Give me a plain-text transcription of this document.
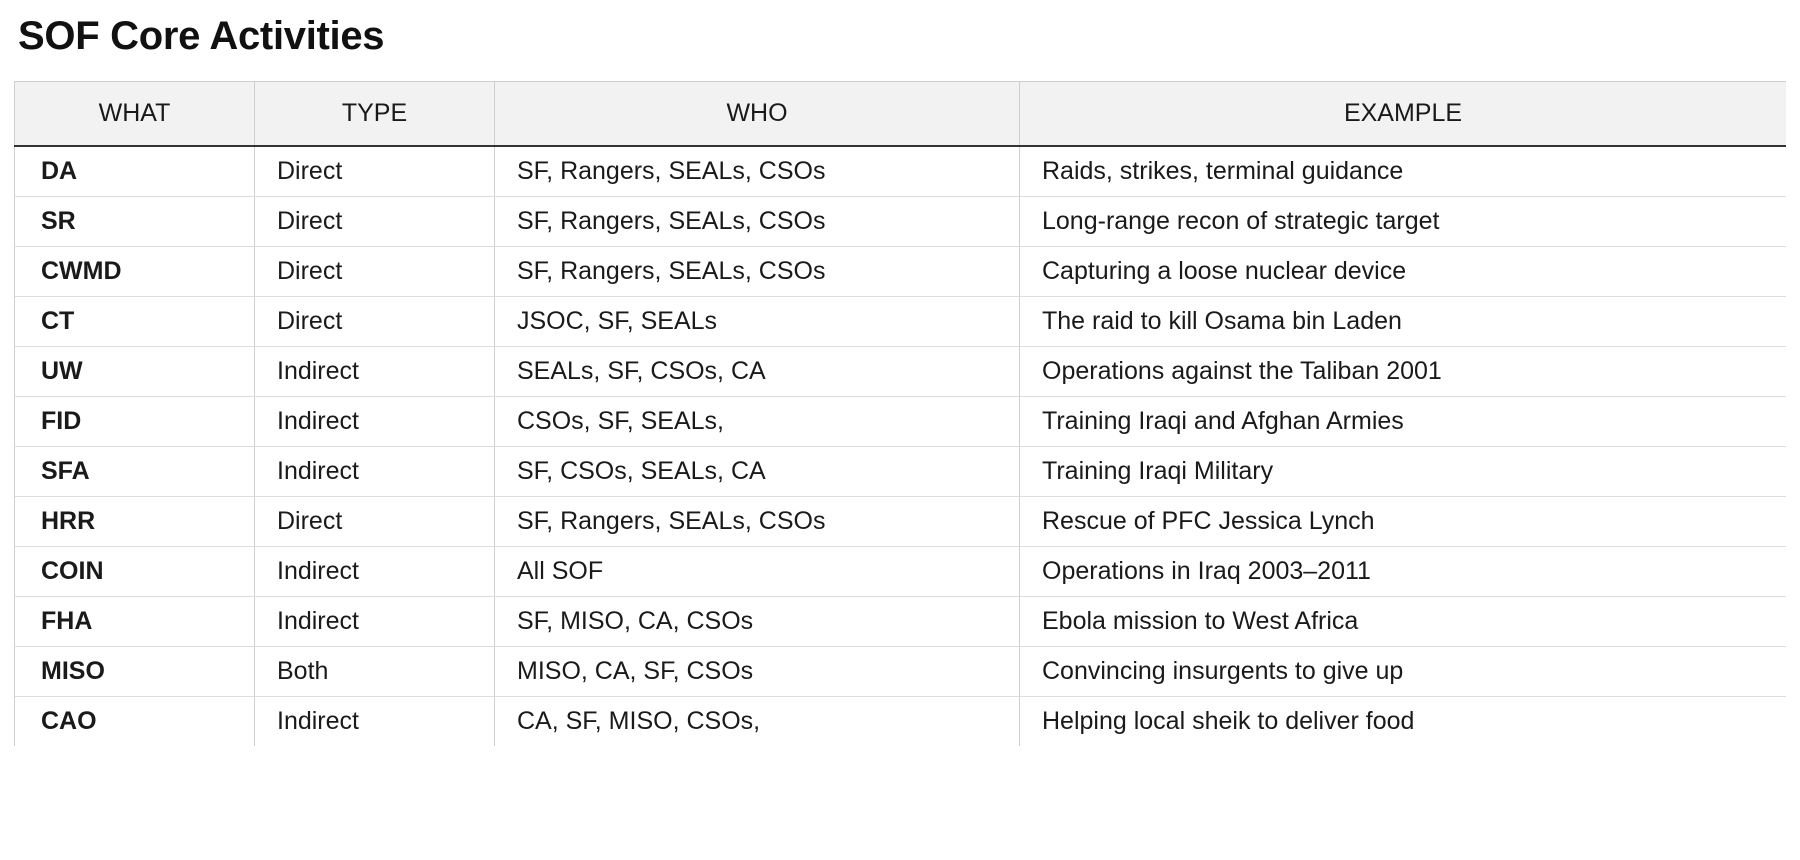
SOF Core Activities
WHAT	TYPE	WHO	EXAMPLE
DA	Direct	SF, Rangers, SEALs, CSOs	Raids, strikes, terminal guidance
SR	Direct	SF, Rangers, SEALs, CSOs	Long-range recon of strategic target
CWMD	Direct	SF, Rangers, SEALs, CSOs	Capturing a loose nuclear device
CT	Direct	JSOC, SF, SEALs	The raid to kill Osama bin Laden
UW	Indirect	SEALs, SF, CSOs, CA	Operations against the Taliban 2001
FID	Indirect	CSOs, SF, SEALs,	Training Iraqi and Afghan Armies
SFA	Indirect	SF, CSOs, SEALs, CA	Training Iraqi Military
HRR	Direct	SF, Rangers, SEALs, CSOs	Rescue of PFC Jessica Lynch
COIN	Indirect	All SOF	Operations in Iraq 2003–2011
FHA	Indirect	SF, MISO, CA, CSOs	Ebola mission to West Africa
MISO	Both	MISO, CA, SF, CSOs	Convincing insurgents to give up
CAO	Indirect	CA, SF, MISO, CSOs,	Helping local sheik to deliver food
